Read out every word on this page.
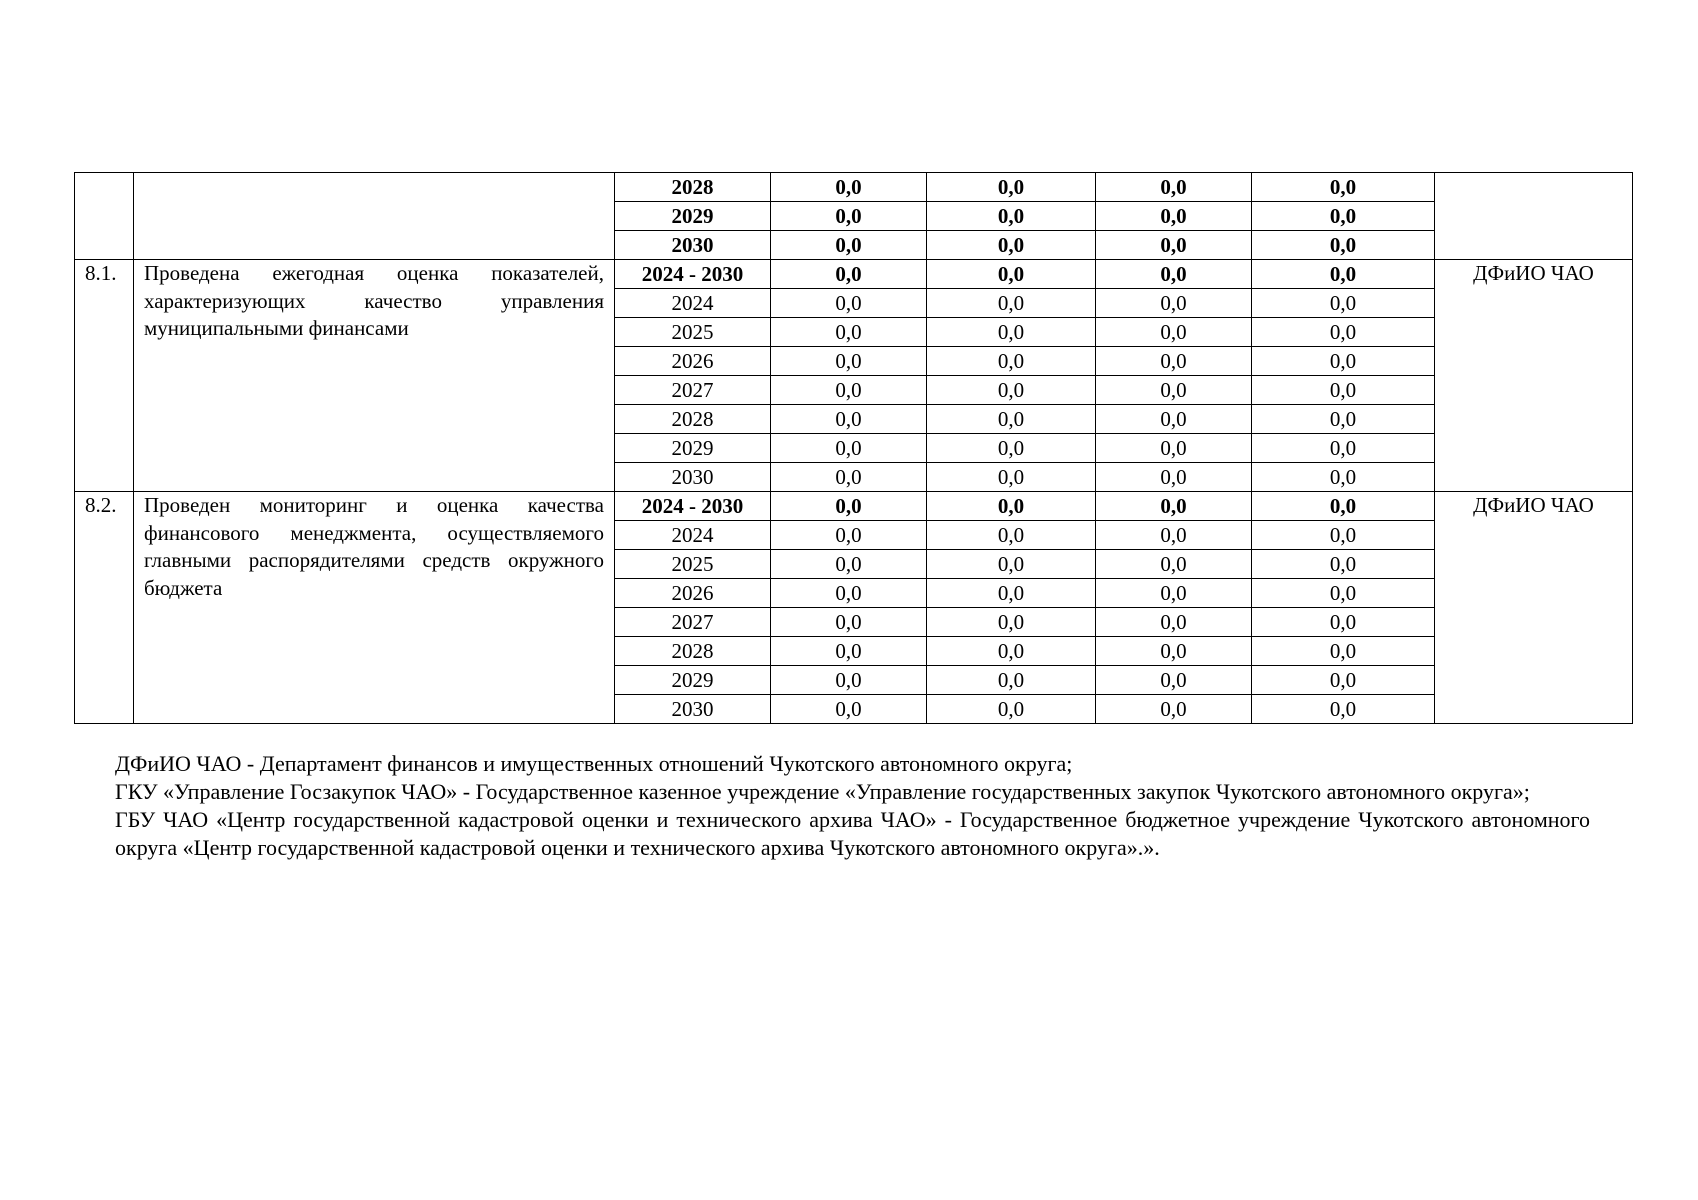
		2028	0,0	0,0	0,0	0,0	
		2029	0,0	0,0	0,0	0,0	
		2030	0,0	0,0	0,0	0,0	
8.1.	Проведена ежегодная оценка показателей, характеризующих качество управления муниципальными финансами	2024 - 2030	0,0	0,0	0,0	0,0	ДФиИО ЧАО
		2024	0,0	0,0	0,0	0,0	
		2025	0,0	0,0	0,0	0,0	
		2026	0,0	0,0	0,0	0,0	
		2027	0,0	0,0	0,0	0,0	
		2028	0,0	0,0	0,0	0,0	
		2029	0,0	0,0	0,0	0,0	
		2030	0,0	0,0	0,0	0,0	
8.2.	Проведен мониторинг и оценка качества финансового менеджмента, осуществляемого главными распорядителями средств окружного бюджета	2024 - 2030	0,0	0,0	0,0	0,0	ДФиИО ЧАО
		2024	0,0	0,0	0,0	0,0	
		2025	0,0	0,0	0,0	0,0	
		2026	0,0	0,0	0,0	0,0	
		2027	0,0	0,0	0,0	0,0	
		2028	0,0	0,0	0,0	0,0	
		2029	0,0	0,0	0,0	0,0	
		2030	0,0	0,0	0,0	0,0	

ДФиИО ЧАО - Департамент финансов и имущественных отношений Чукотского автономного округа;

ГКУ «Управление Госзакупок ЧАО» - Государственное казенное учреждение «Управление государственных закупок Чукотского автономного округа»;

ГБУ ЧАО «Центр государственной кадастровой оценки и технического архива ЧАО» - Государственное бюджетное учреждение Чукотского автономного округа «Центр государственной кадастровой оценки и технического архива Чукотского автономного округа».».
